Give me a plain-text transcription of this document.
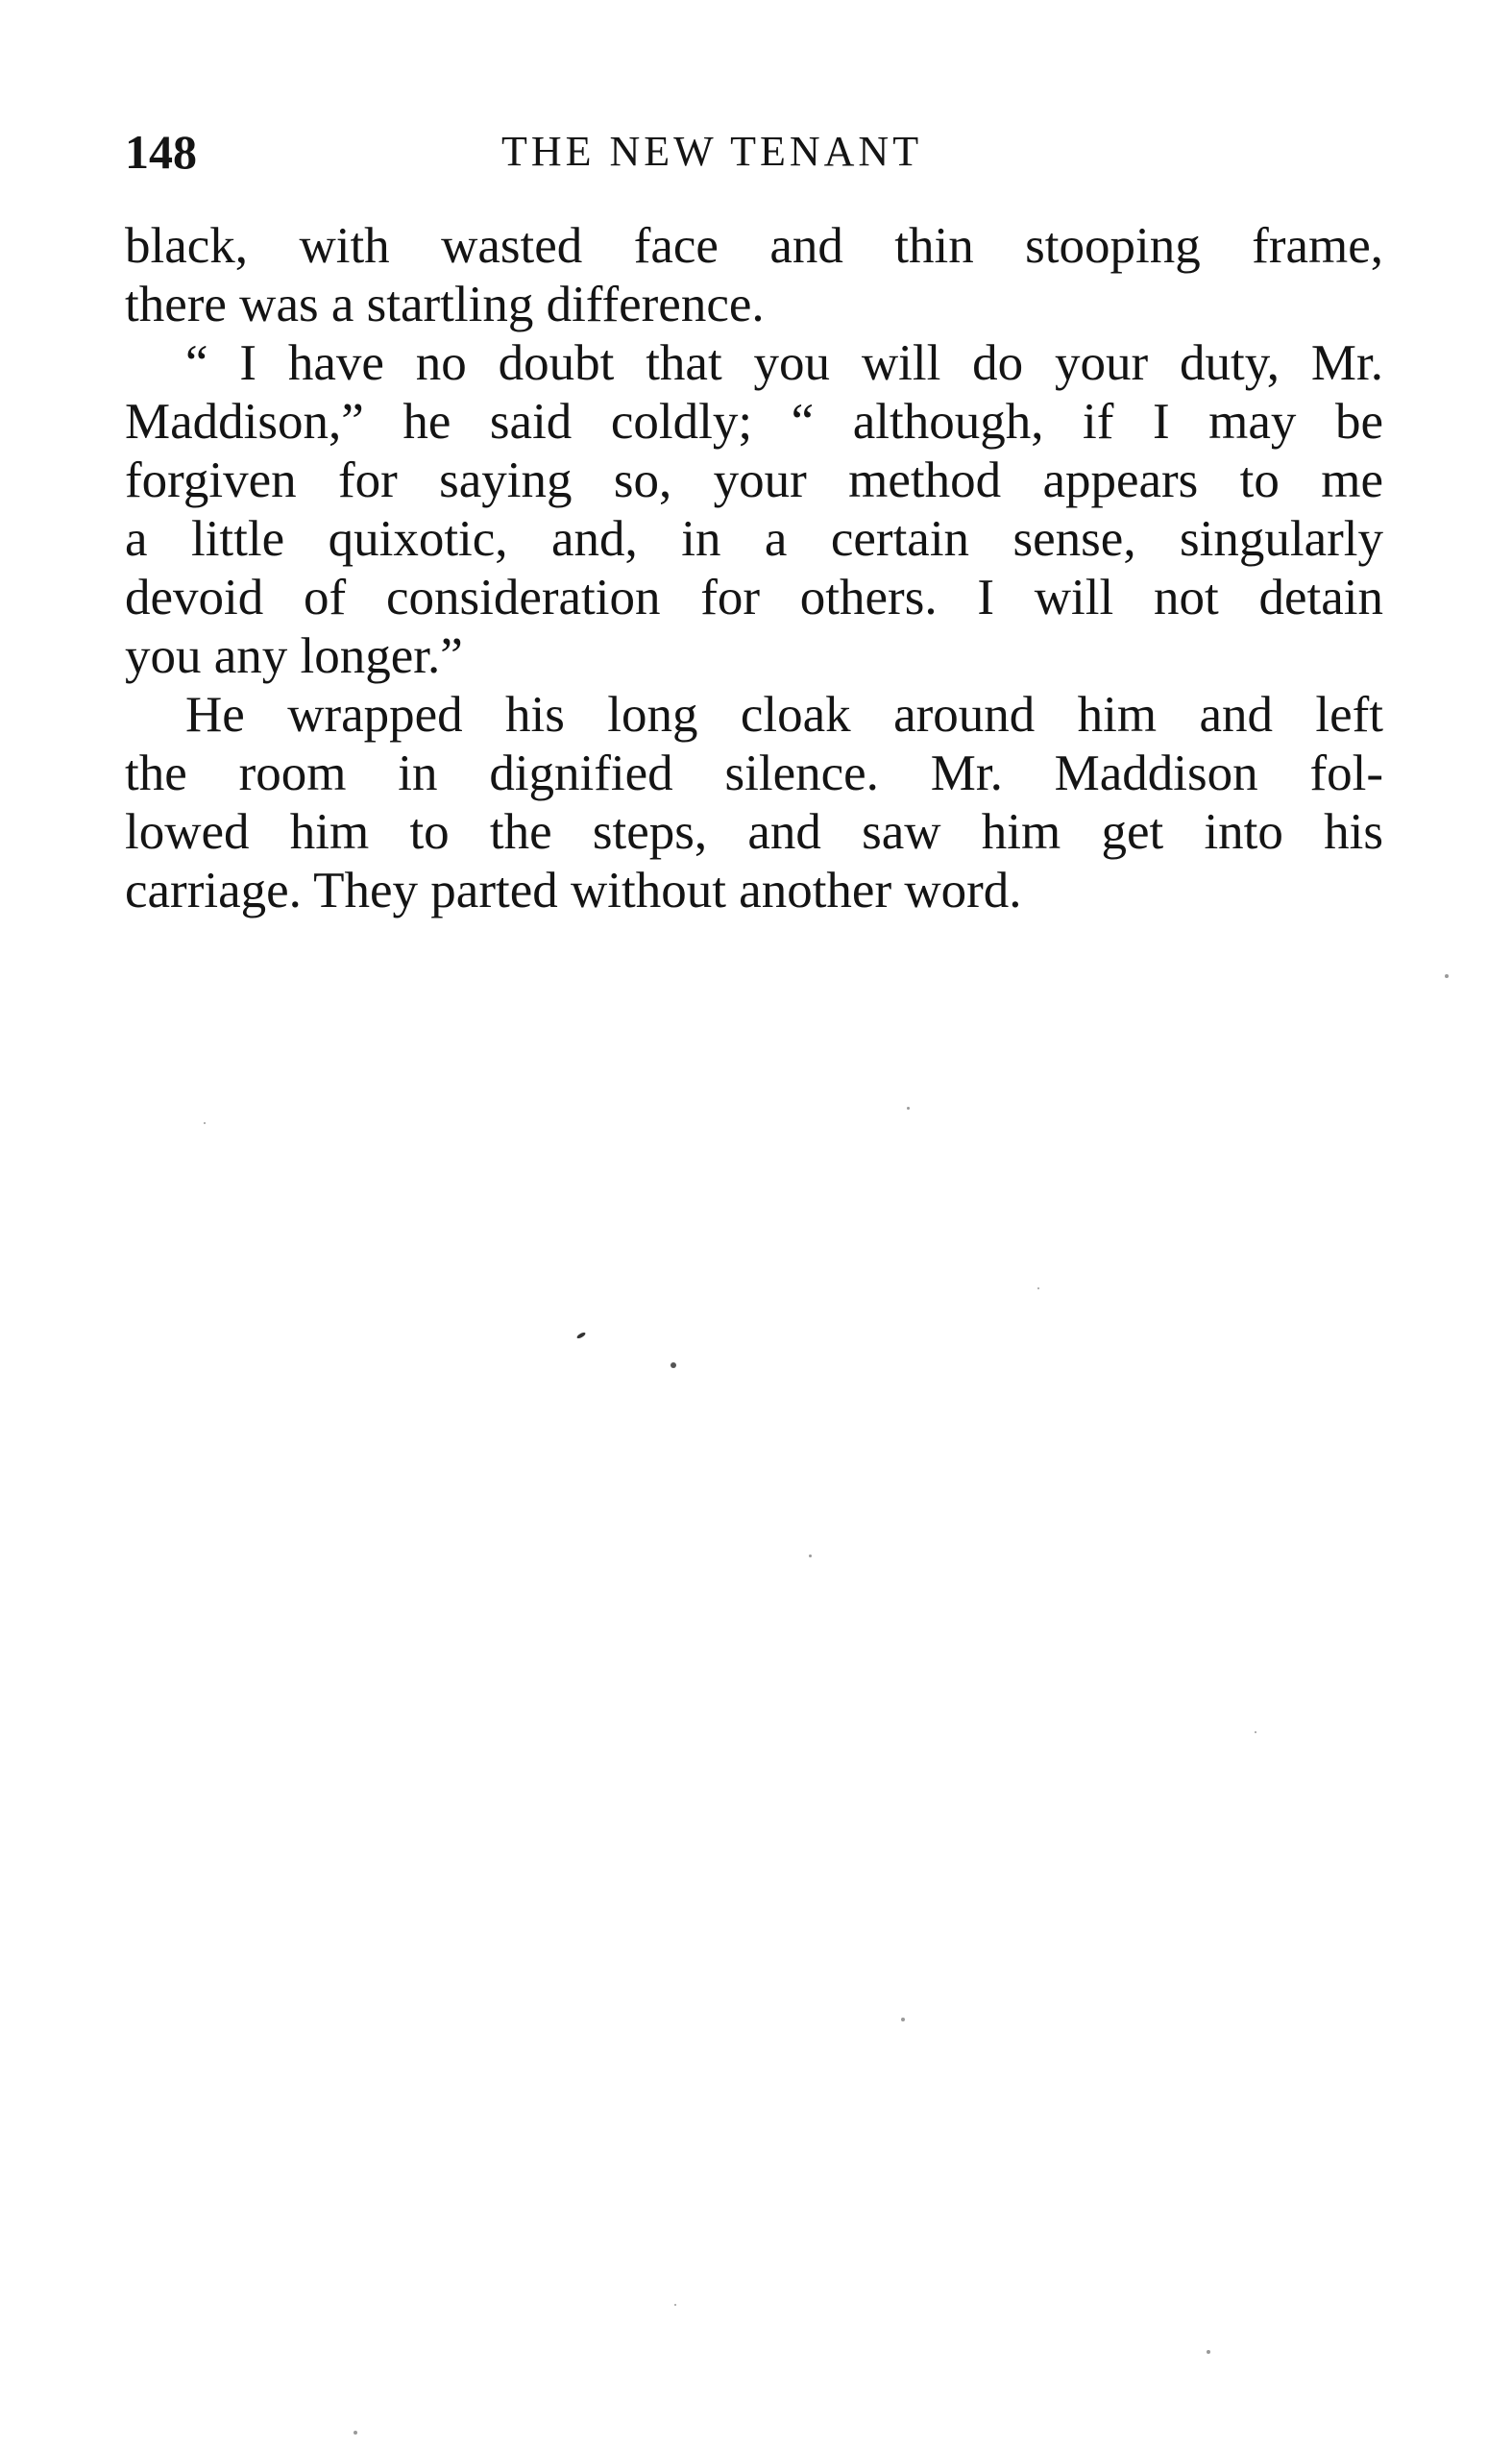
148	THE NEW TENANT
black, with wasted face and thin stooping frame,
there was a startling difference.
“ I have no doubt that you will do your duty, Mr.
Maddison,” he said coldly; “ although, if I may be
forgiven for saying so, your method appears to me
a little quixotic, and, in a certain sense, singularly
devoid of consideration for others. I will not detain
you any longer.”
He wrapped his long cloak around him and left
the room in dignified silence. Mr. Maddison fol-
lowed him to the steps, and saw him get into his
carriage. They parted without another word.
